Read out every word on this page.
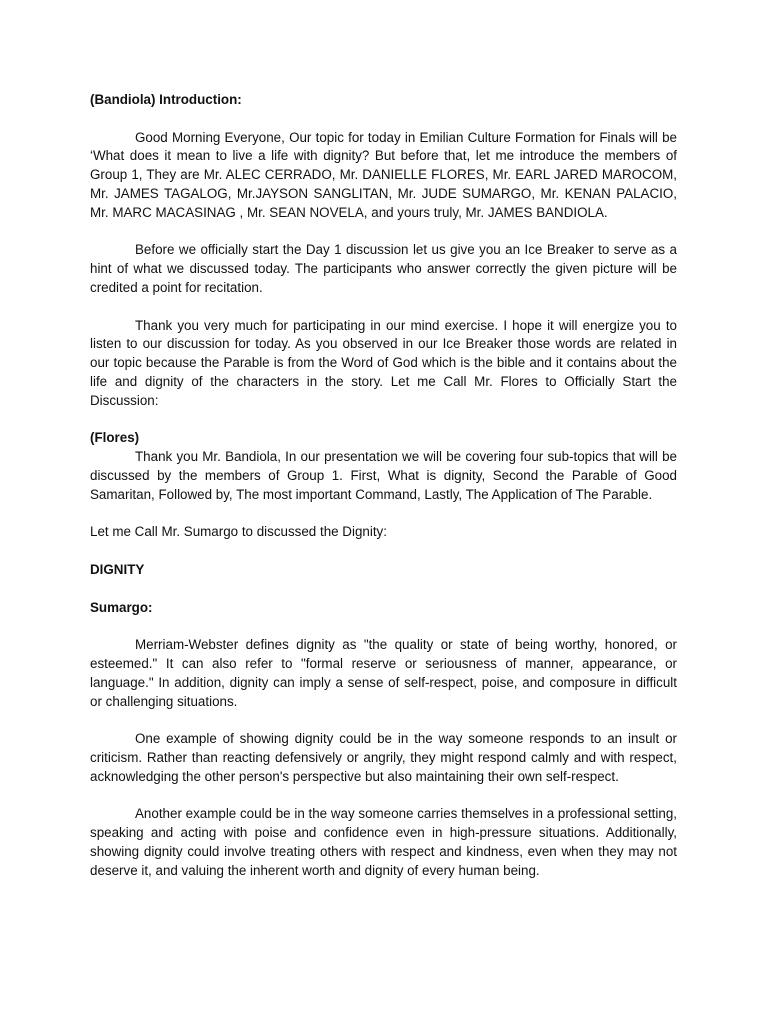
(Bandiola) Introduction:

Good Morning Everyone, Our topic for today in Emilian Culture Formation for Finals will be ‘What does it mean to live a life with dignity? But before that, let me introduce the members of Group 1, They are Mr. ALEC CERRADO, Mr. DANIELLE FLORES, Mr. EARL JARED MAROCOM, Mr. JAMES TAGALOG, Mr.JAYSON SANGLITAN, Mr. JUDE SUMARGO, Mr. KENAN PALACIO, Mr. MARC MACASINAG , Mr. SEAN NOVELA, and yours truly, Mr. JAMES BANDIOLA.

Before we officially start the Day 1 discussion let us give you an Ice Breaker to serve as a hint of what we discussed today. The participants who answer correctly the given picture will be credited a point for recitation.

Thank you very much for participating in our mind exercise. I hope it will energize you to listen to our discussion for today. As you observed in our Ice Breaker those words are related in our topic because the Parable is from the Word of God which is the bible and it contains about the life and dignity of the characters in the story. Let me Call Mr. Flores to Officially Start the Discussion:

(Flores)

Thank you Mr. Bandiola, In our presentation we will be covering four sub-topics that will be discussed by the members of Group 1. First, What is dignity, Second the Parable of Good Samaritan, Followed by, The most important Command, Lastly, The Application of The Parable.

Let me Call Mr. Sumargo to discussed the Dignity:

DIGNITY

Sumargo:

Merriam-Webster defines dignity as "the quality or state of being worthy, honored, or esteemed." It can also refer to "formal reserve or seriousness of manner, appearance, or language." In addition, dignity can imply a sense of self-respect, poise, and composure in difficult or challenging situations.

One example of showing dignity could be in the way someone responds to an insult or criticism. Rather than reacting defensively or angrily, they might respond calmly and with respect, acknowledging the other person's perspective but also maintaining their own self-respect.

Another example could be in the way someone carries themselves in a professional setting, speaking and acting with poise and confidence even in high-pressure situations. Additionally, showing dignity could involve treating others with respect and kindness, even when they may not deserve it, and valuing the inherent worth and dignity of every human being.
